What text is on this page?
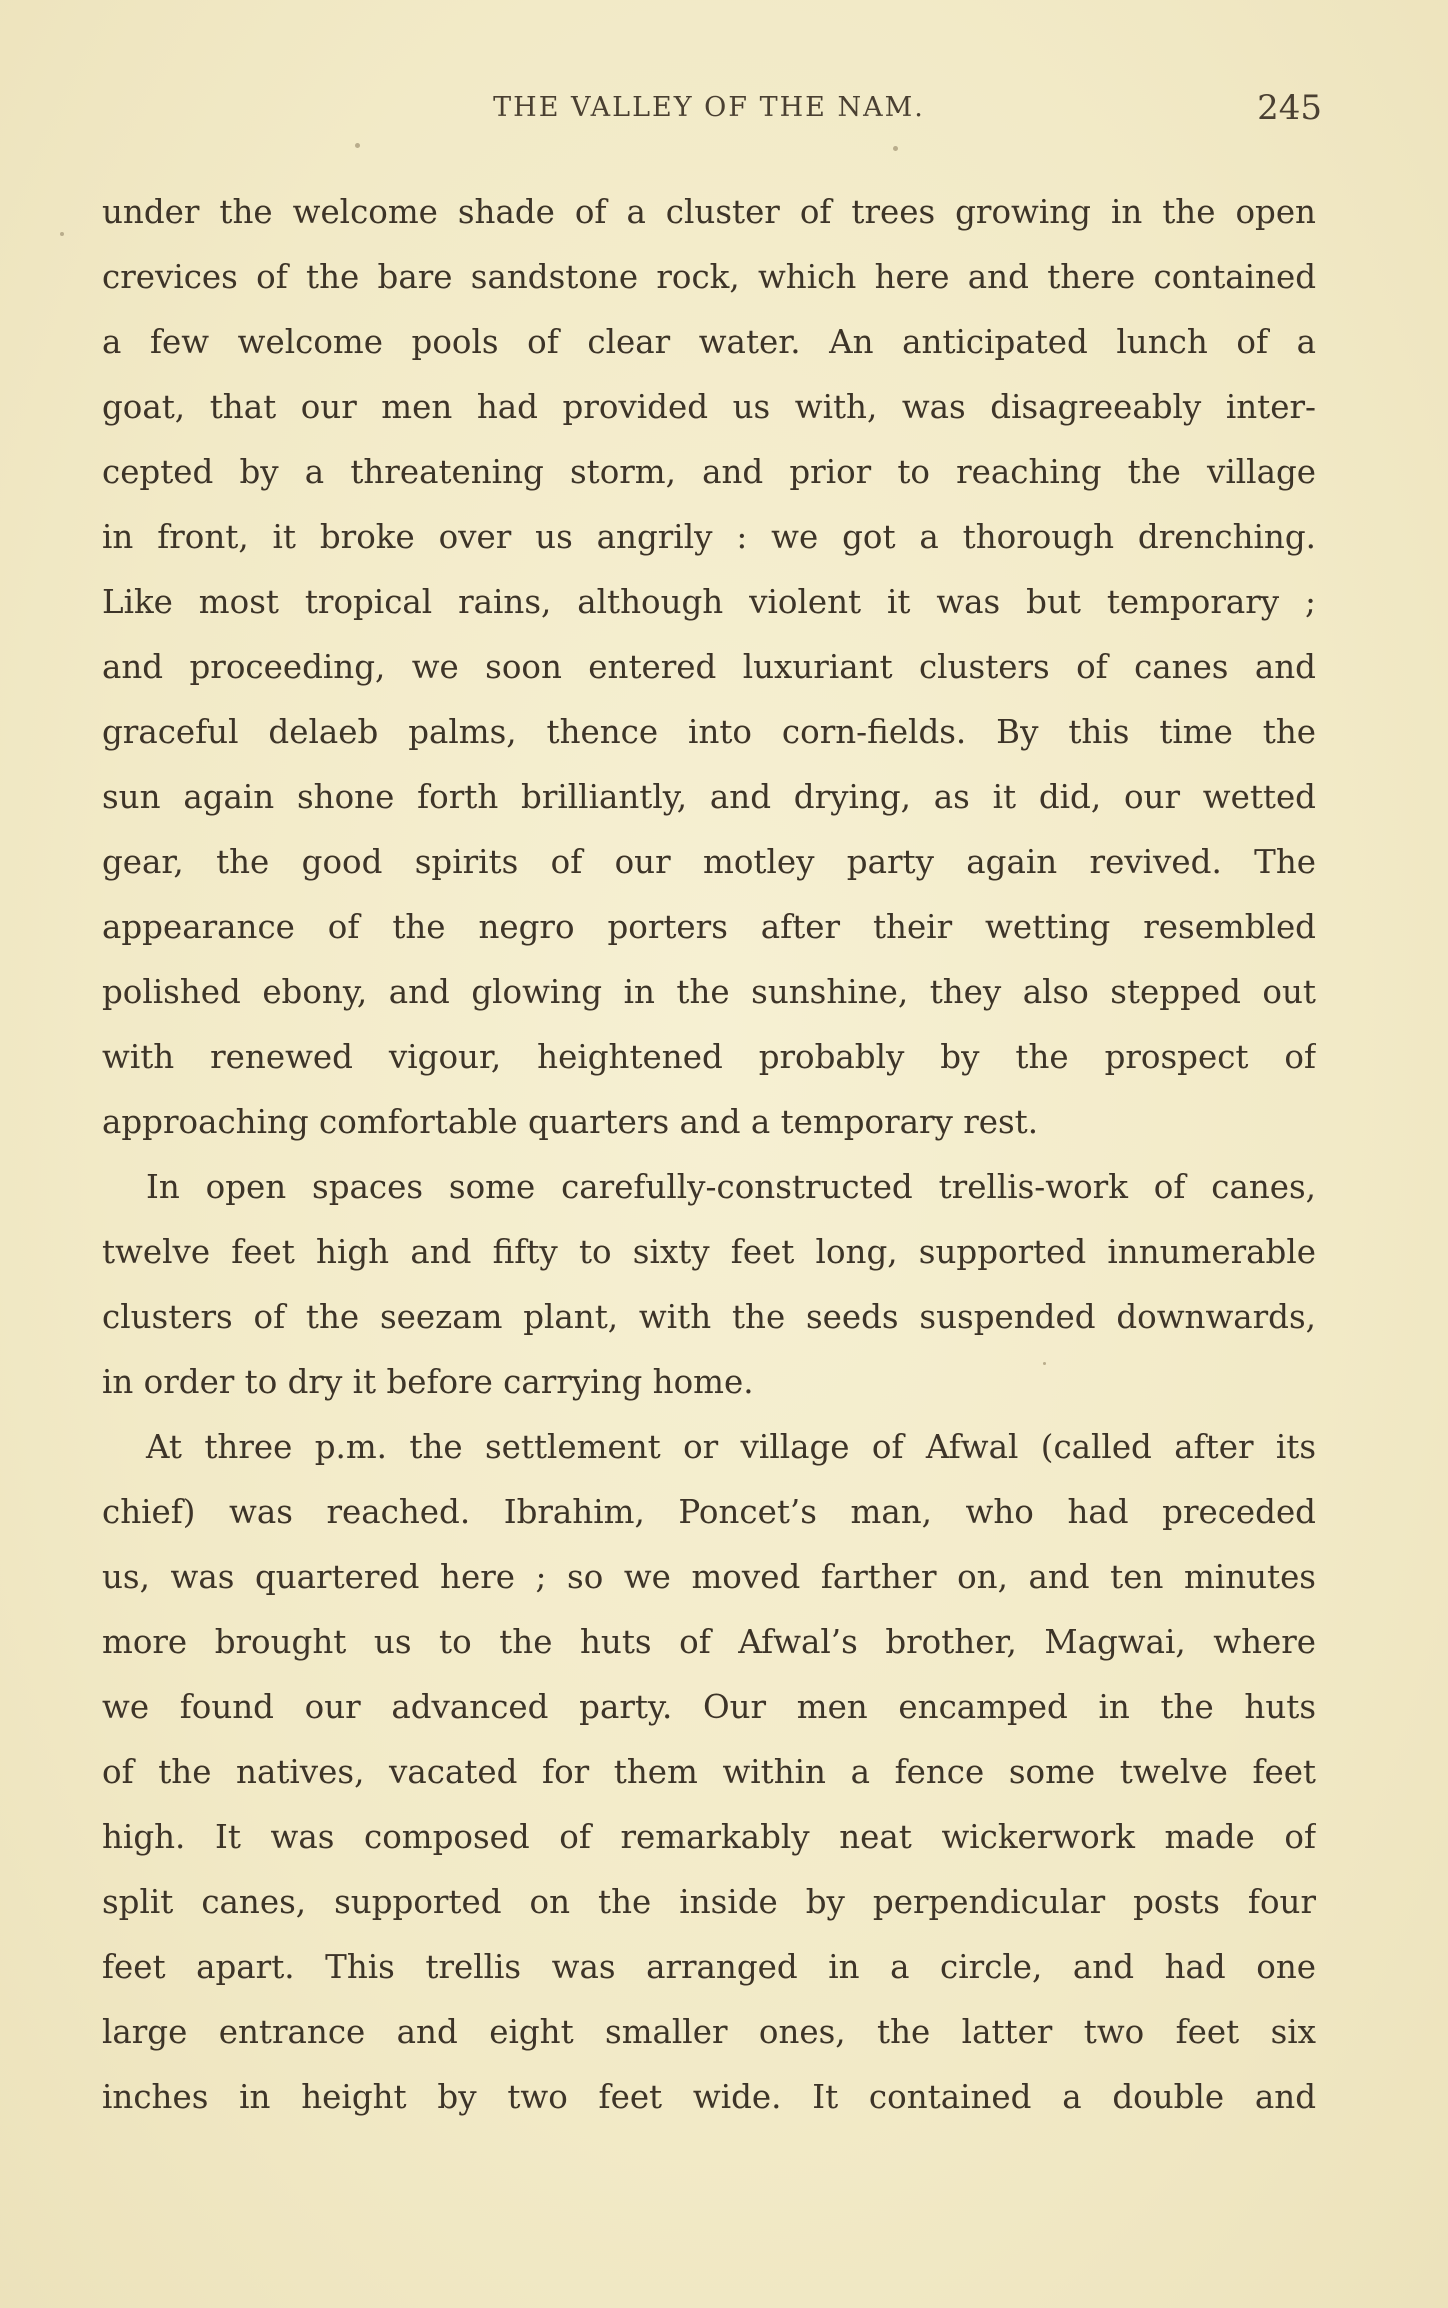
THE VALLEY OF THE NAM.	245
under the welcome shade of a cluster of trees growing in the open
crevices of the bare sandstone rock, which here and there contained
a few welcome pools of clear water. An anticipated lunch of a
goat, that our men had provided us with, was disagreeably inter-
cepted by a threatening storm, and prior to reaching the village
in front, it broke over us angrily : we got a thorough drenching.
Like most tropical rains, although violent it was but temporary ;
and proceeding, we soon entered luxuriant clusters of canes and
graceful delaeb palms, thence into corn-fields. By this time the
sun again shone forth brilliantly, and drying, as it did, our wetted
gear, the good spirits of our motley party again revived. The
appearance of the negro porters after their wetting resembled
polished ebony, and glowing in the sunshine, they also stepped out
with renewed vigour, heightened probably by the prospect of
approaching comfortable quarters and a temporary rest.
In open spaces some carefully-constructed trellis-work of canes,
twelve feet high and fifty to sixty feet long, supported innumerable
clusters of the seezam plant, with the seeds suspended downwards,
in order to dry it before carrying home.
At three p.m. the settlement or village of Afwal (called after its
chief) was reached. Ibrahim, Poncet’s man, who had preceded
us, was quartered here ; so we moved farther on, and ten minutes
more brought us to the huts of Afwal’s brother, Magwai, where
we found our advanced party. Our men encamped in the huts
of the natives, vacated for them within a fence some twelve feet
high. It was composed of remarkably neat wickerwork made of
split canes, supported on the inside by perpendicular posts four
feet apart. This trellis was arranged in a circle, and had one
large entrance and eight smaller ones, the latter two feet six
inches in height by two feet wide. It contained a double and
